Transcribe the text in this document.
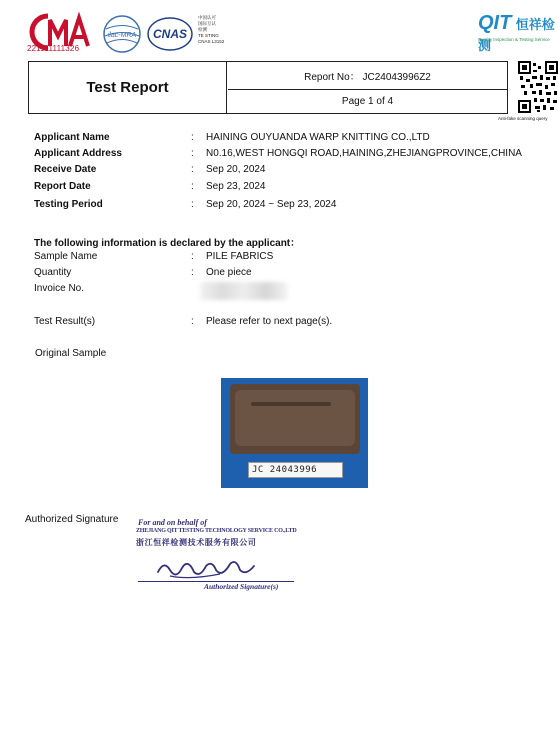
221111111326
ilac-MRA CNAS
中国认可
国际互认
检测
TE STING
CNAS L3152
QIT 恒祥检测
Quality Inspection & Testing Service
Test Report
Report No： JC24043996Z2
Page 1 of 4
Anti-fake scanning query
Applicant Name	: HAINING OUYUANDA WARP KNITTING CO.,LTD
Applicant Address	: N0.16,WEST HONGQI ROAD,HAINING,ZHEJIANGPROVINCE,CHINA
Receive Date	: Sep 20, 2024
Report Date	: Sep 23, 2024
Testing Period	: Sep 20, 2024 ~ Sep 23, 2024
The following information is declared by the applicant：
Sample Name	: PILE FABRICS
Quantity	: One piece
Invoice No.
Test Result(s)	: Please refer to next page(s).
Original Sample
JC 24043996
Authorized Signature For and on behalf of
ZHEJIANG QIT TESTING TECHNOLOGY SERVICE CO.,LTD
浙江恒祥检测技术服务有限公司
Authorized Signature(s)
